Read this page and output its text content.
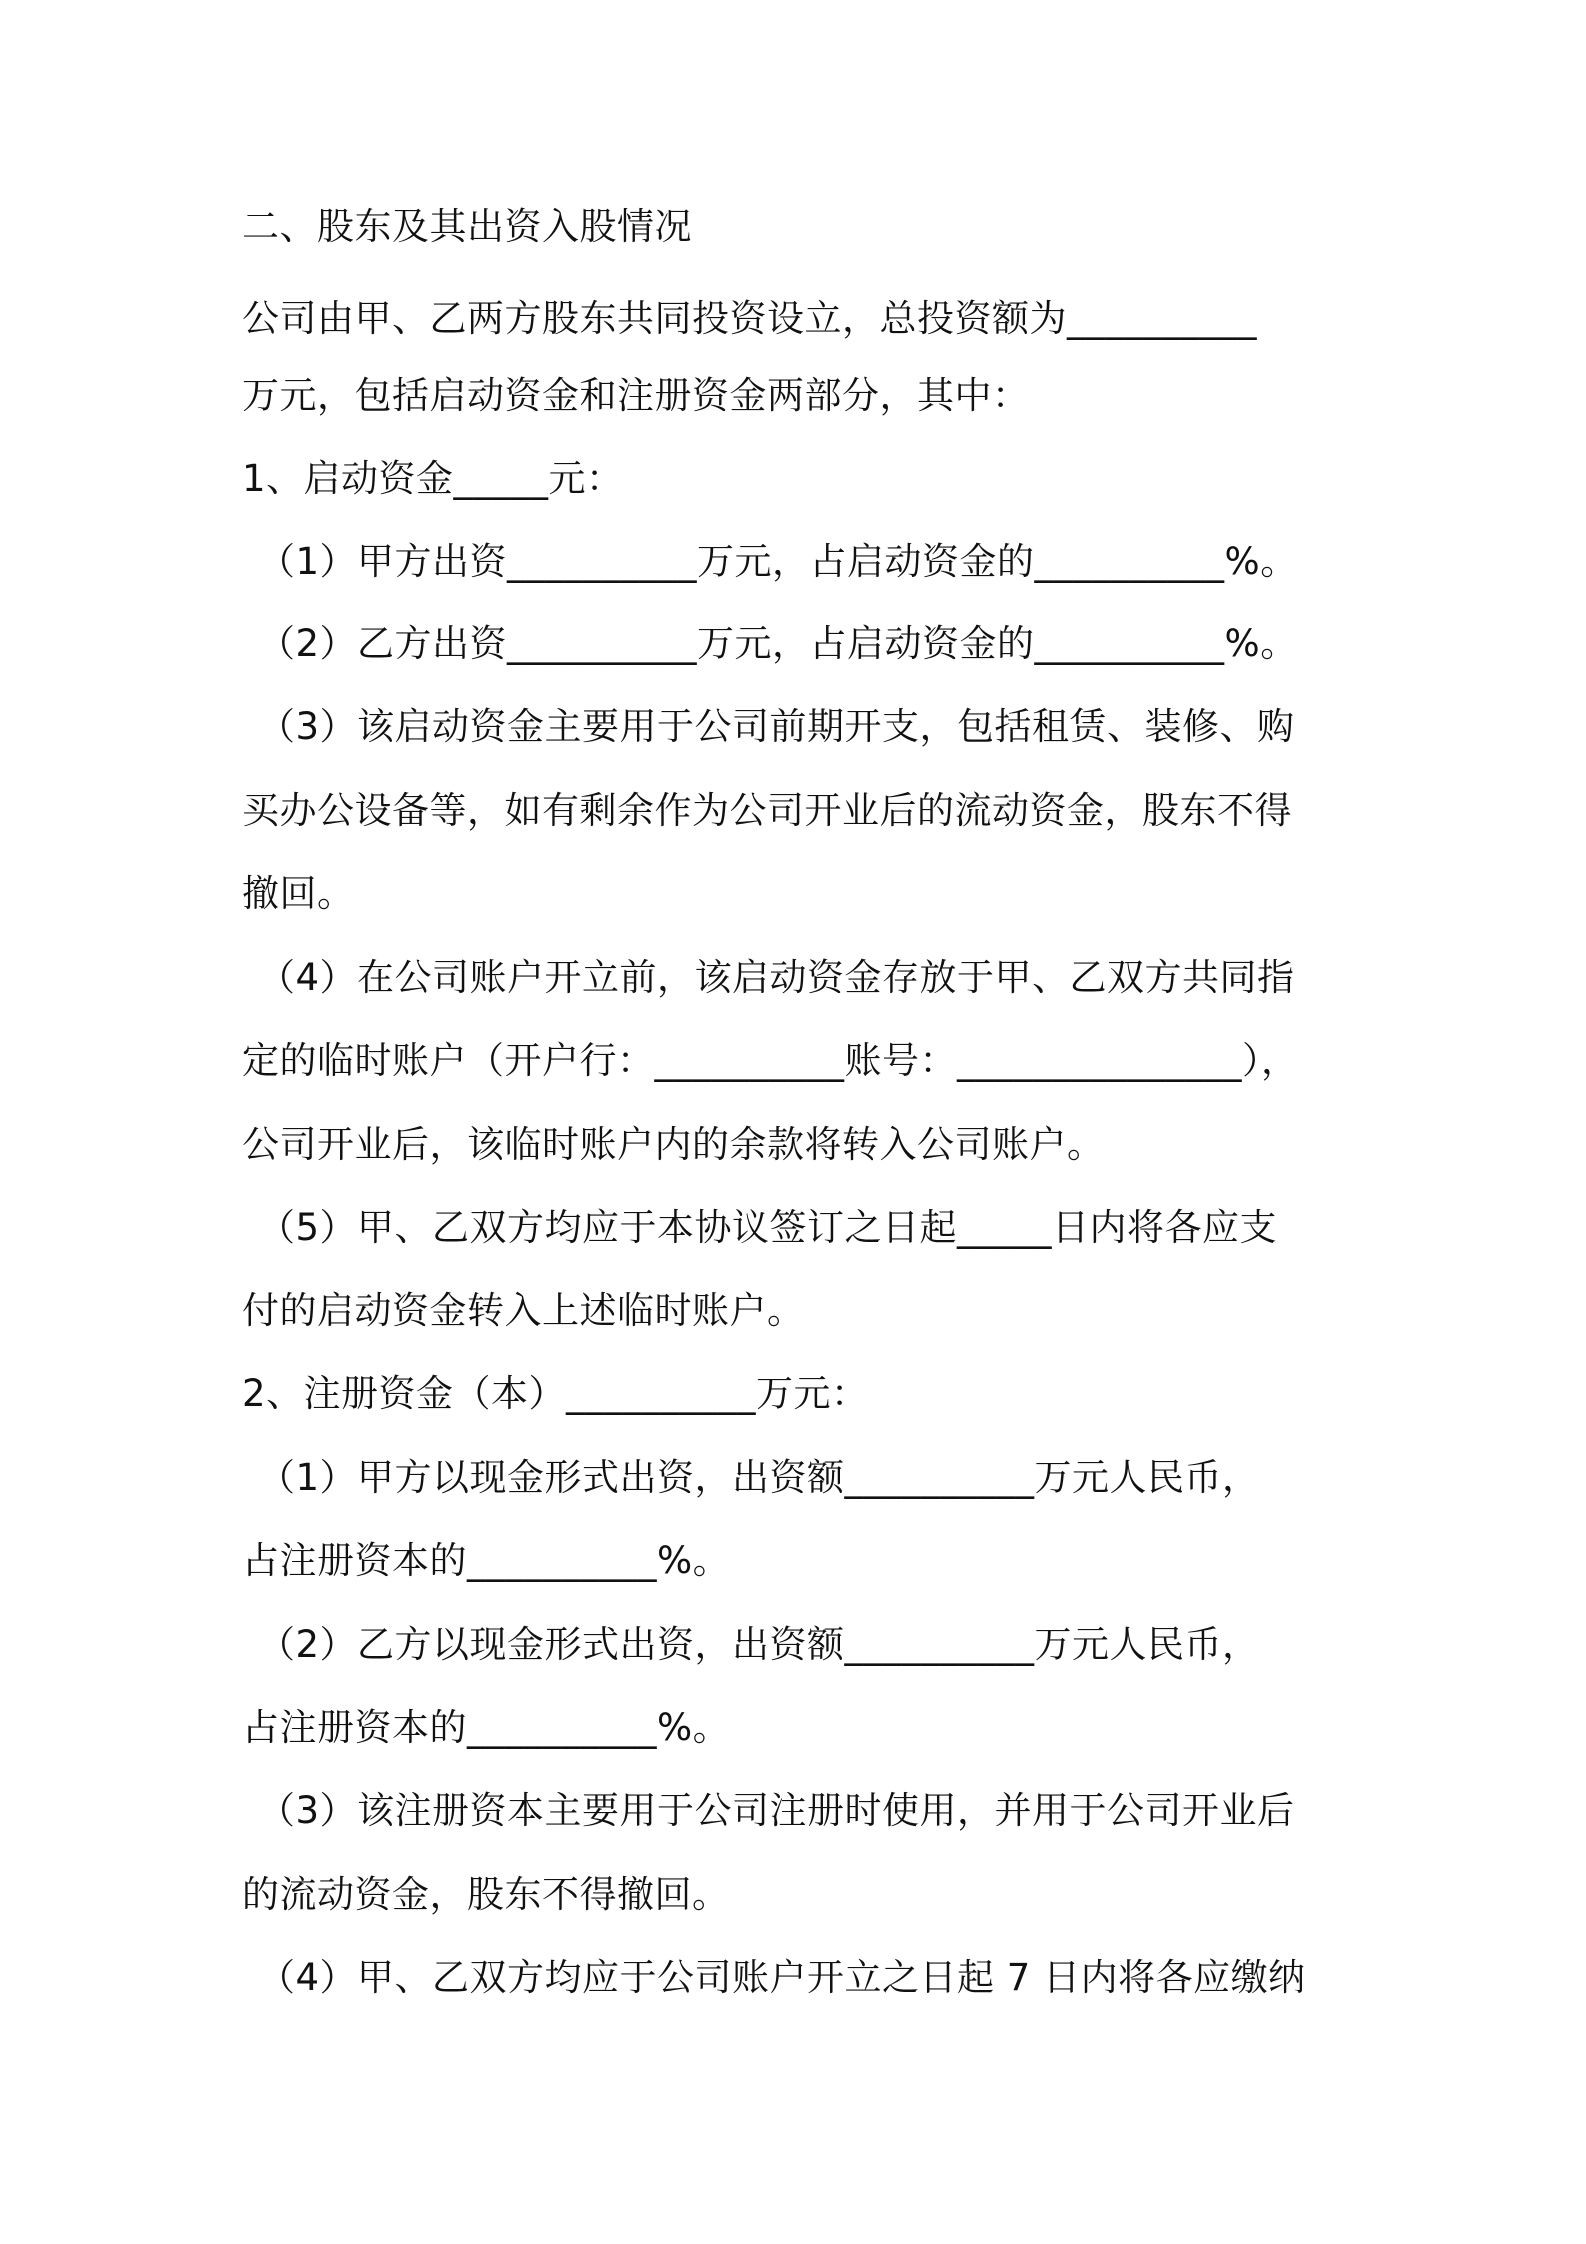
二、股东及其出资入股情况
公司由甲、乙两方股东共同投资设立，总投资额为__________
万元，包括启动资金和注册资金两部分，其中：
1、启动资金_____元：
（1）甲方出资__________万元，占启动资金的__________%。
（2）乙方出资__________万元，占启动资金的__________%。
（3）该启动资金主要用于公司前期开支，包括租赁、装修、购
买办公设备等，如有剩余作为公司开业后的流动资金，股东不得
撤回。
（4）在公司账户开立前，该启动资金存放于甲、乙双方共同指
定的临时账户（开户行：__________账号：_______________），
公司开业后，该临时账户内的余款将转入公司账户。
（5）甲、乙双方均应于本协议签订之日起_____日内将各应支
付的启动资金转入上述临时账户。
2、注册资金（本）__________万元：
（1）甲方以现金形式出资，出资额__________万元人民币，
占注册资本的__________%。
（2）乙方以现金形式出资，出资额__________万元人民币，
占注册资本的__________%。
（3）该注册资本主要用于公司注册时使用，并用于公司开业后
的流动资金，股东不得撤回。
（4）甲、乙双方均应于公司账户开立之日起 7 日内将各应缴纳
